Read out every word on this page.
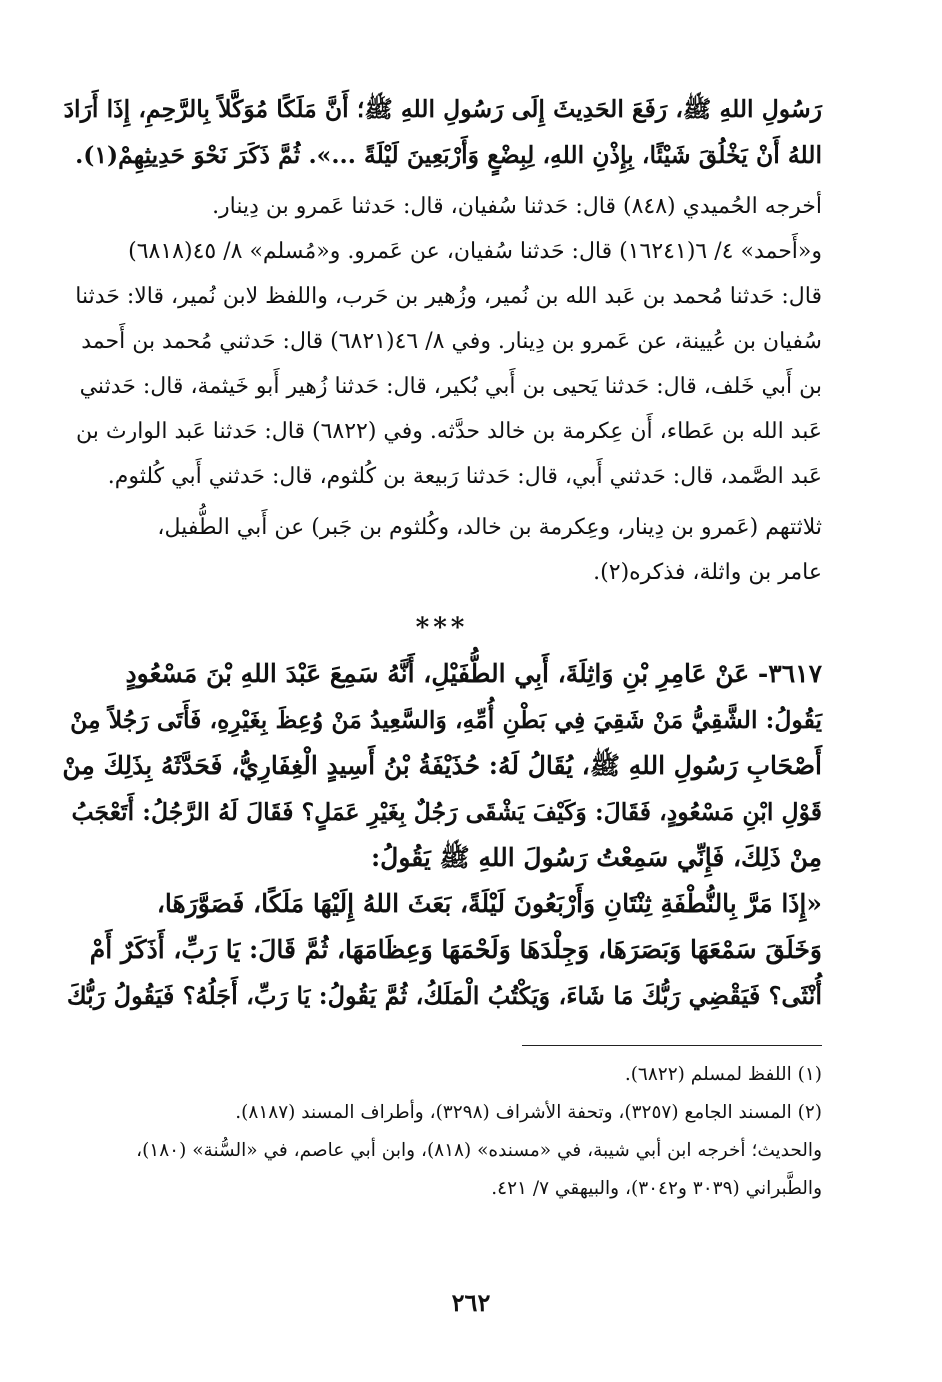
رَسُولِ اللهِ ﷺ، رَفَعَ الحَدِيثَ إِلَى رَسُولِ اللهِ ﷺ؛ أَنَّ مَلَكًا مُوَكَّلاً بِالرَّحِمِ، إِذَا أَرَادَ
اللهُ أَنْ يَخْلُقَ شَيْئًا، بِإِذْنِ اللهِ، لِبِضْعٍ وَأَرْبَعِينَ لَيْلَةً ...». ثُمَّ ذَكَرَ نَحْوَ حَدِيثِهِمْ(١).
أخرجه الحُميدي (٨٤٨) قال: حَدثنا سُفيان، قال: حَدثنا عَمرو بن دِينار.
و«أَحمد» ٤/ ٦(١٦٢٤١) قال: حَدثنا سُفيان، عن عَمرو. و«مُسلم» ٨/ ٤٥(٦٨١٨)
قال: حَدثنا مُحمد بن عَبد الله بن نُمير، وزُهير بن حَرب، واللفظ لابن نُمير، قالا: حَدثنا
سُفيان بن عُيينة، عن عَمرو بن دِينار. وفي ٨/ ٤٦(٦٨٢١) قال: حَدثني مُحمد بن أَحمد
بن أَبي خَلف، قال: حَدثنا يَحيى بن أَبي بُكير، قال: حَدثنا زُهير أَبو خَيثمة، قال: حَدثني
عَبد الله بن عَطاء، أَن عِكرمة بن خالد حدَّثه. وفي (٦٨٢٢) قال: حَدثنا عَبد الوارث بن
عَبد الصَّمد، قال: حَدثني أَبي، قال: حَدثنا رَبيعة بن كُلثوم، قال: حَدثني أَبي كُلثوم.
ثلاثتهم (عَمرو بن دِينار، وعِكرمة بن خالد، وكُلثوم بن جَبر) عن أَبي الطُّفيل،
عامر بن واثلة، فذكره(٢).
***
٣٦١٧- عَنْ عَامِرِ بْنِ وَاثِلَةَ، أَبِي الطُّفَيْلِ، أَنَّهُ سَمِعَ عَبْدَ اللهِ بْنَ مَسْعُودٍ
يَقُولُ: الشَّقِيُّ مَنْ شَقِيَ فِي بَطْنِ أُمِّهِ، وَالسَّعِيدُ مَنْ وُعِظَ بِغَيْرِهِ، فَأَتَى رَجُلاً مِنْ
أَصْحَابِ رَسُولِ اللهِ ﷺ، يُقَالُ لَهُ: حُذَيْفَةُ بْنُ أَسِيدٍ الْغِفَارِيُّ، فَحَدَّثَهُ بِذَلِكَ مِنْ
قَوْلِ ابْنِ مَسْعُودٍ، فَقَالَ: وَكَيْفَ يَشْقَى رَجُلٌ بِغَيْرِ عَمَلٍ؟ فَقَالَ لَهُ الرَّجُلُ: أَتَعْجَبُ
مِنْ ذَلِكَ، فَإِنِّي سَمِعْتُ رَسُولَ اللهِ ﷺ يَقُولُ:
«إِذَا مَرَّ بِالنُّطْفَةِ ثِنْتَانِ وَأَرْبَعُونَ لَيْلَةً، بَعَثَ اللهُ إِلَيْهَا مَلَكًا، فَصَوَّرَهَا،
وَخَلَقَ سَمْعَهَا وَبَصَرَهَا، وَجِلْدَهَا وَلَحْمَهَا وَعِظَامَهَا، ثُمَّ قَالَ: يَا رَبِّ، أَذَكَرٌ أَمْ
أُنْثَى؟ فَيَقْضِي رَبُّكَ مَا شَاءَ، وَيَكْتُبُ الْمَلَكُ، ثُمَّ يَقُولُ: يَا رَبِّ، أَجَلُهُ؟ فَيَقُولُ رَبُّكَ
(١) اللفظ لمسلم (٦٨٢٢).
(٢) المسند الجامع (٣٢٥٧)، وتحفة الأشراف (٣٢٩٨)، وأطراف المسند (٨١٨٧).
والحديث؛ أخرجه ابن أبي شيبة، في «مسنده» (٨١٨)، وابن أبي عاصم، في «السُّنة» (١٨٠)،
والطَّبراني (٣٠٣٩ و٣٠٤٢)، والبيهقي ٧/ ٤٢١.
٢٦٢
